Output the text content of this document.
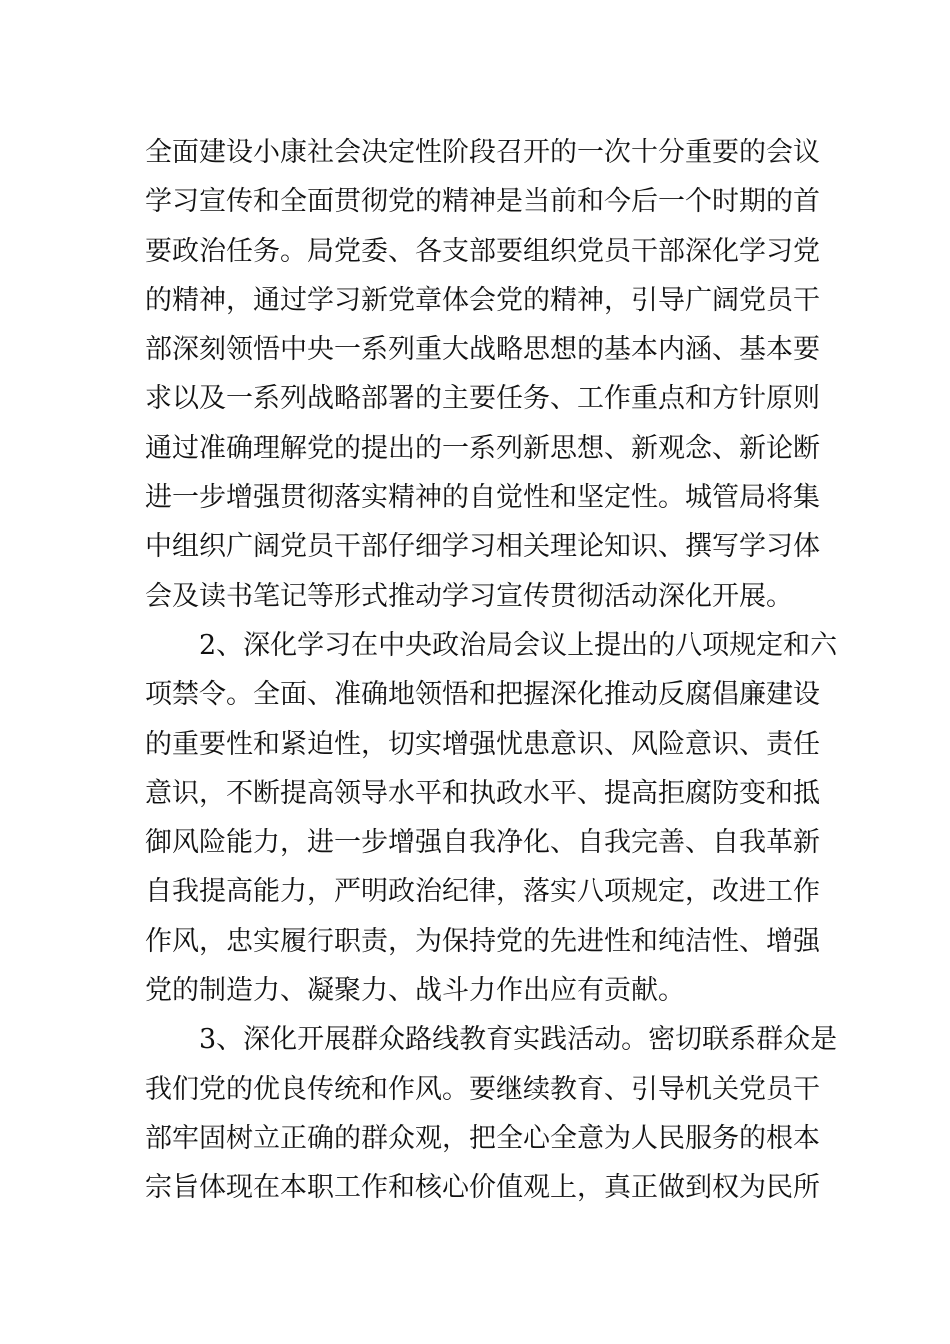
全面建设小康社会决定性阶段召开的一次十分重要的会议
学习宣传和全面贯彻党的精神是当前和今后一个时期的首
要政治任务。局党委、各支部要组织党员干部深化学习党
的精神，通过学习新党章体会党的精神，引导广阔党员干
部深刻领悟中央一系列重大战略思想的基本内涵、基本要
求以及一系列战略部署的主要任务、工作重点和方针原则
通过准确理解党的提出的一系列新思想、新观念、新论断
进一步增强贯彻落实精神的自觉性和坚定性。城管局将集
中组织广阔党员干部仔细学习相关理论知识、撰写学习体
会及读书笔记等形式推动学习宣传贯彻活动深化开展。
2、深化学习在中央政治局会议上提出的八项规定和六
项禁令。全面、准确地领悟和把握深化推动反腐倡廉建设
的重要性和紧迫性，切实增强忧患意识、风险意识、责任
意识，不断提高领导水平和执政水平、提高拒腐防变和抵
御风险能力，进一步增强自我净化、自我完善、自我革新
自我提高能力，严明政治纪律，落实八项规定，改进工作
作风，忠实履行职责，为保持党的先进性和纯洁性、增强
党的制造力、凝聚力、战斗力作出应有贡献。
3、深化开展群众路线教育实践活动。密切联系群众是
我们党的优良传统和作风。要继续教育、引导机关党员干
部牢固树立正确的群众观，把全心全意为人民服务的根本
宗旨体现在本职工作和核心价值观上，真正做到权为民所
